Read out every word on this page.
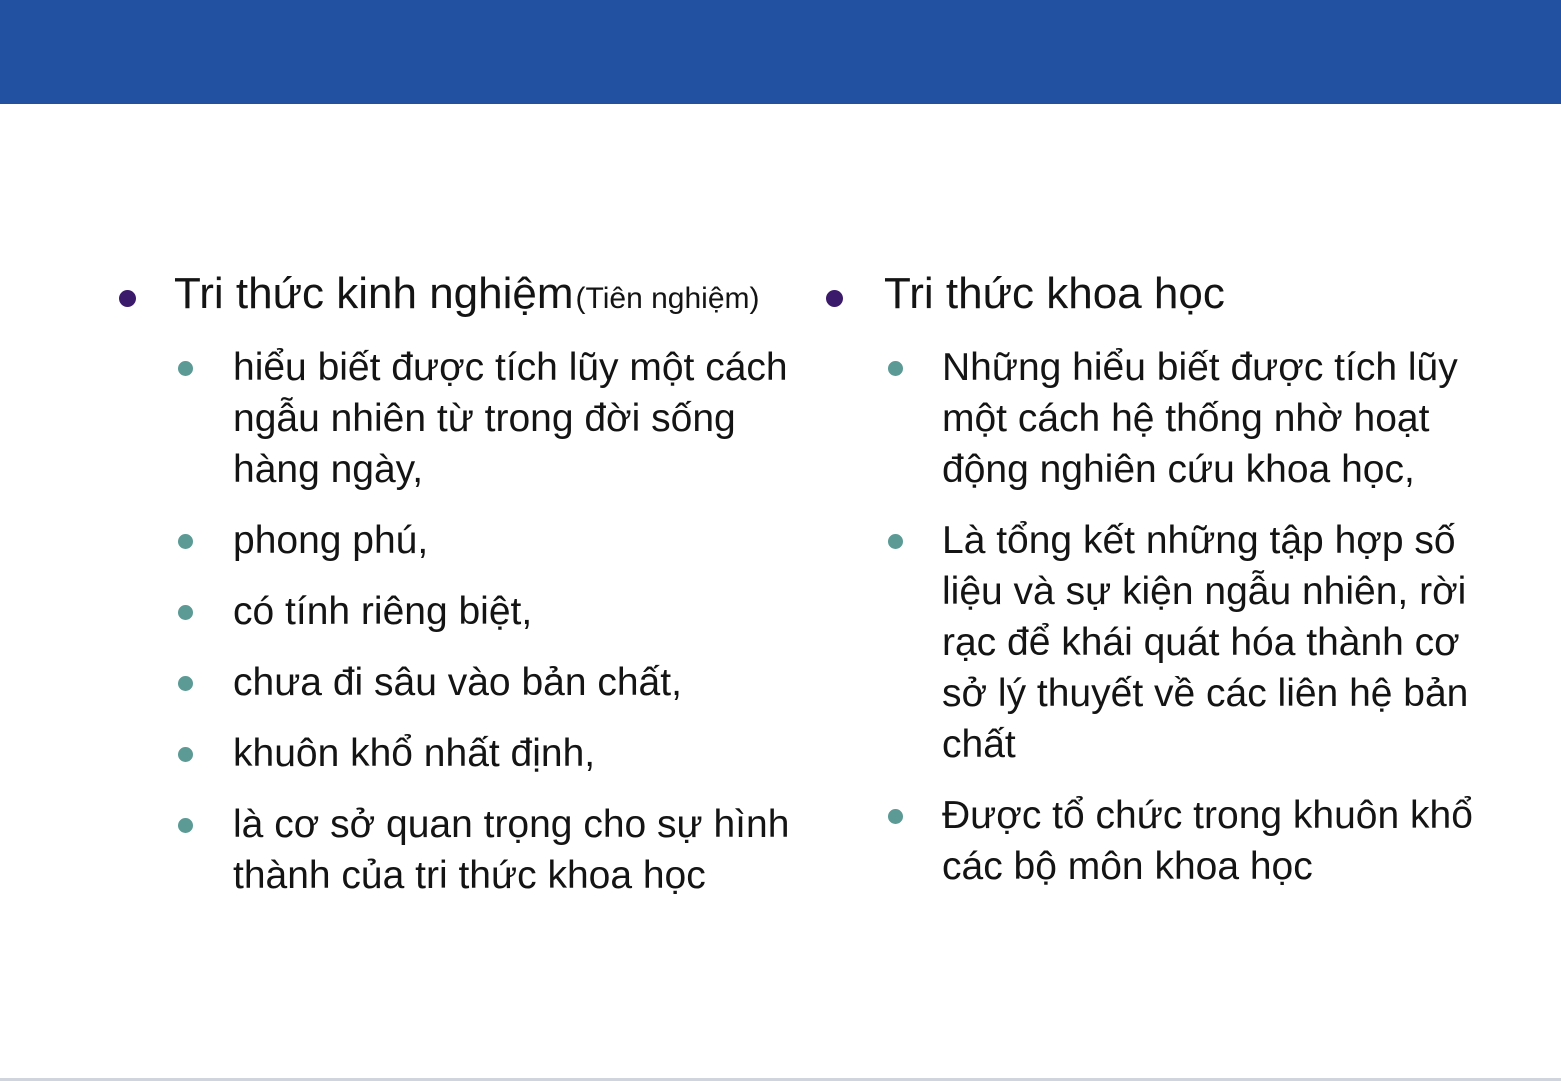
Tri thức kinh nghiệm(Tiên nghiệm)
hiểu biết được tích lũy một cách ngẫu nhiên từ trong đời sống hàng ngày,
phong phú,
có tính riêng biệt,
chưa đi sâu vào bản chất,
khuôn khổ nhất định,
là cơ sở quan trọng cho sự hình thành của tri thức khoa học
Tri thức khoa học
Những hiểu biết được tích lũy một cách hệ thống nhờ hoạt động nghiên cứu khoa học,
Là tổng kết những tập hợp số liệu và sự kiện ngẫu nhiên, rời rạc để khái quát hóa thành cơ sở lý thuyết về các liên hệ bản chất
Được tổ chức trong khuôn khổ các bộ môn khoa học
